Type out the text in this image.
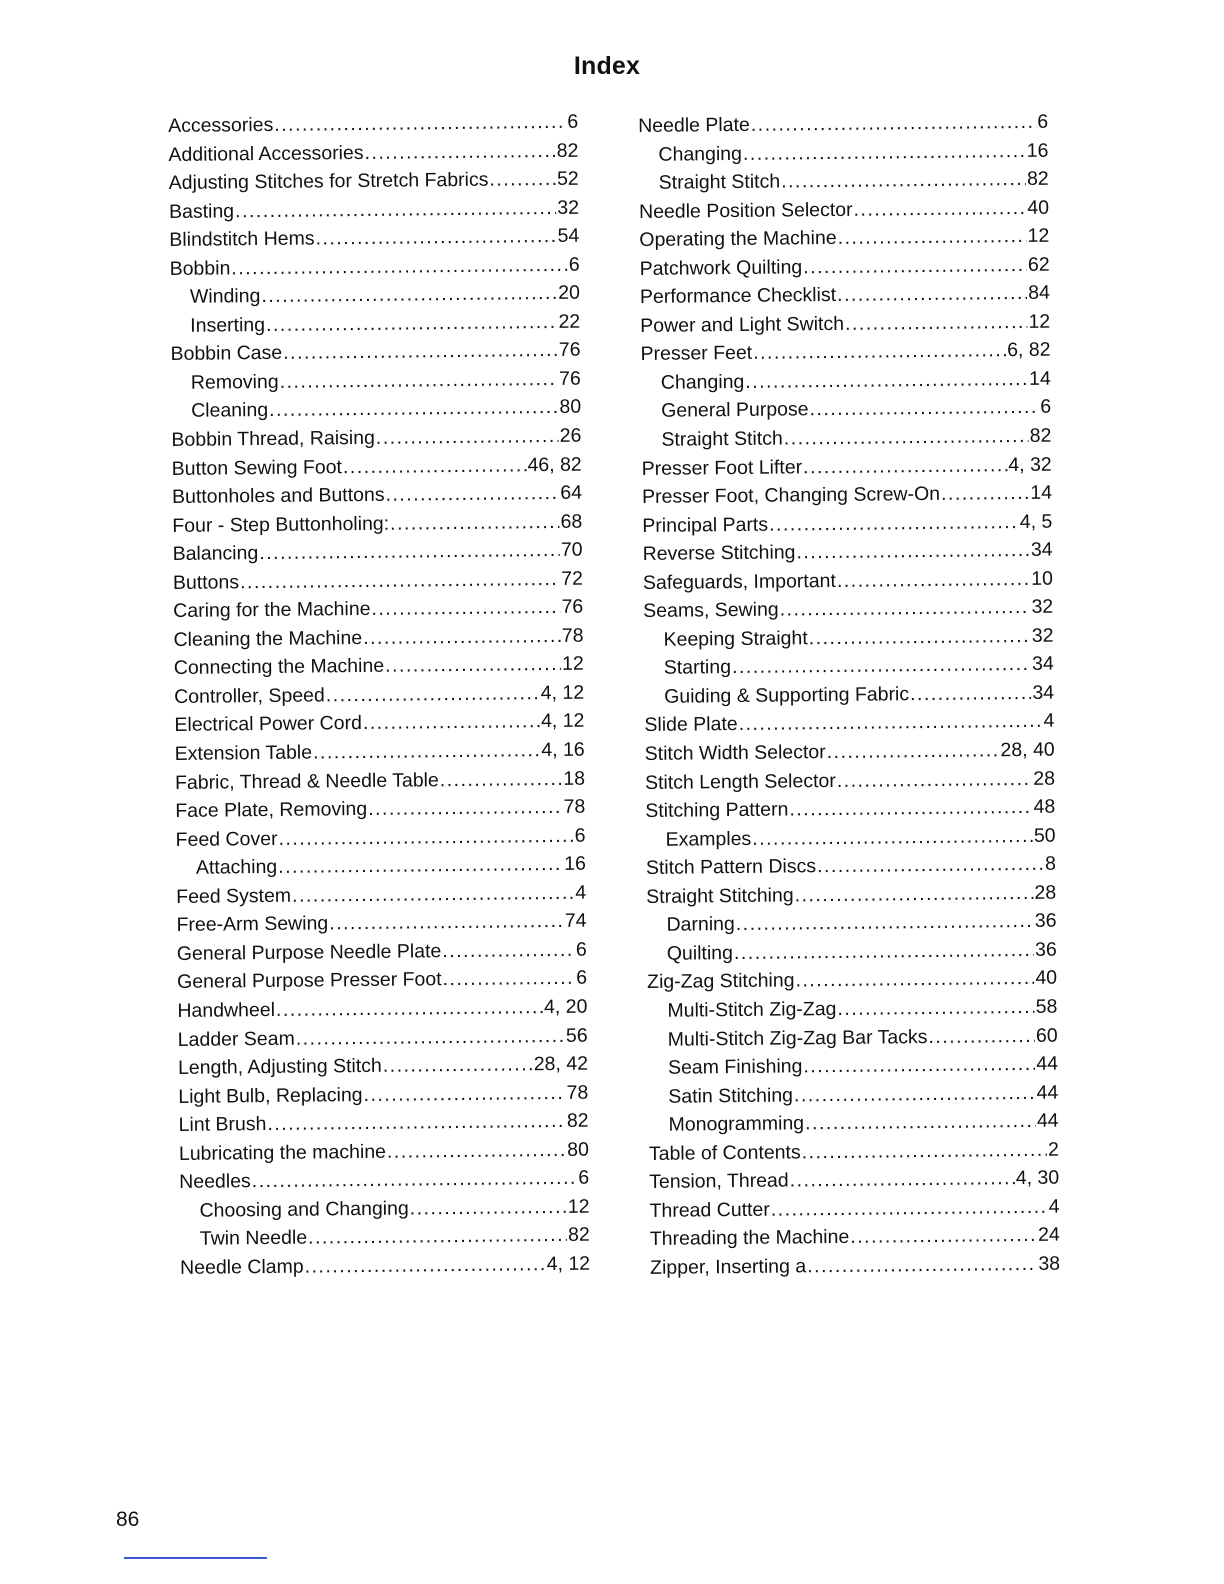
Index
Accessories .....	6
Additional Accessories .....	82
Adjusting Stitches for Stretch Fabrics .....	52
Basting .....	32
Blindstitch Hems .....	54
Bobbin .....	6
Winding .....	20
Inserting .....	22
Bobbin Case .....	76
Removing .....	76
Cleaning .....	80
Bobbin Thread, Raising .....	26
Button Sewing Foot .....	46, 82
Buttonholes and Buttons .....	64
Four - Step Buttonholing: .....	68
Balancing .....	70
Buttons .....	72
Caring for the Machine .....	76
Cleaning the Machine .....	78
Connecting the Machine .....	12
Controller, Speed .....	4, 12
Electrical Power Cord .....	4, 12
Extension Table .....	4, 16
Fabric, Thread & Needle Table .....	18
Face Plate, Removing .....	78
Feed Cover .....	6
Attaching .....	16
Feed System .....	4
Free-Arm Sewing .....	74
General Purpose Needle Plate .....	6
General Purpose Presser Foot .....	6
Handwheel .....	4, 20
Ladder Seam .....	56
Length, Adjusting Stitch .....	28, 42
Light Bulb, Replacing .....	78
Lint Brush .....	82
Lubricating the machine .....	80
Needles .....	6
Choosing and Changing .....	12
Twin Needle .....	82
Needle Clamp .....	4, 12
Needle Plate .....	6
Changing .....	16
Straight Stitch .....	82
Needle Position Selector .....	40
Operating the Machine .....	12
Patchwork Quilting .....	62
Performance Checklist .....	84
Power and Light Switch .....	12
Presser Feet .....	6, 82
Changing .....	14
General Purpose .....	6
Straight Stitch .....	82
Presser Foot Lifter .....	4, 32
Presser Foot, Changing Screw-On .....	14
Principal Parts .....	4, 5
Reverse Stitching .....	34
Safeguards, Important .....	10
Seams, Sewing .....	32
Keeping Straight .....	32
Starting .....	34
Guiding & Supporting Fabric .....	34
Slide Plate .....	4
Stitch Width Selector .....	28, 40
Stitch Length Selector .....	28
Stitching Pattern .....	48
Examples .....	50
Stitch Pattern Discs .....	8
Straight Stitching .....	28
Darning .....	36
Quilting .....	36
Zig-Zag Stitching .....	40
Multi-Stitch Zig-Zag .....	58
Multi-Stitch Zig-Zag Bar Tacks .....	60
Seam Finishing .....	44
Satin Stitching .....	44
Monogramming .....	44
Table of Contents .....	2
Tension, Thread .....	4, 30
Thread Cutter .....	4
Threading the Machine .....	24
Zipper, Inserting a .....	38
86
